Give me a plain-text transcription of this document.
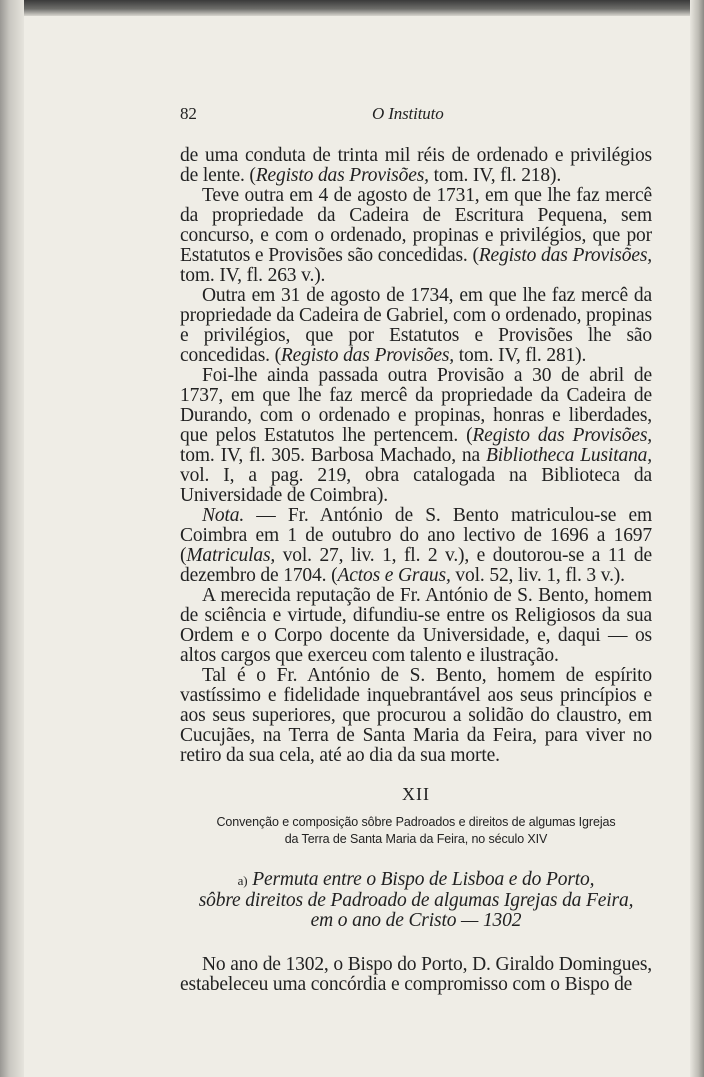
82	O Instituto

de uma conduta de trinta mil réis de ordenado e privilégios de lente. (Registo das Provisões, tom. IV, fl. 218).

Teve outra em 4 de agosto de 1731, em que lhe faz mercê da propriedade da Cadeira de Escritura Pequena, sem concurso, e com o ordenado, propinas e privilégios, que por Estatutos e Provisões são concedidas. (Registo das Provisões, tom. IV, fl. 263 v.).

Outra em 31 de agosto de 1734, em que lhe faz mercê da propriedade da Cadeira de Gabriel, com o ordenado, propinas e privilégios, que por Estatutos e Provisões lhe são concedidas. (Registo das Provisões, tom. IV, fl. 281).

Foi-lhe ainda passada outra Provisão a 30 de abril de 1737, em que lhe faz mercê da propriedade da Cadeira de Durando, com o ordenado e propinas, honras e liberdades, que pelos Estatutos lhe pertencem. (Registo das Provisões, tom. IV, fl. 305. Barbosa Machado, na Bibliotheca Lusitana, vol. I, a pag. 219, obra catalogada na Biblioteca da Universidade de Coimbra).

Nota. — Fr. António de S. Bento matriculou-se em Coimbra em 1 de outubro do ano lectivo de 1696 a 1697 (Matriculas, vol. 27, liv. 1, fl. 2 v.), e doutorou-se a 11 de dezembro de 1704. (Actos e Graus, vol. 52, liv. 1, fl. 3 v.).

A merecida reputação de Fr. António de S. Bento, homem de sciência e virtude, difundiu-se entre os Religiosos da sua Ordem e o Corpo docente da Universidade, e, daqui — os altos cargos que exerceu com talento e ilustração.

Tal é o Fr. António de S. Bento, homem de espírito vastíssimo e fidelidade inquebrantável aos seus princípios e aos seus superiores, que procurou a solidão do claustro, em Cucujães, na Terra de Santa Maria da Feira, para viver no retiro da sua cela, até ao dia da sua morte.

XII
Convenção e composição sôbre Padroados e direitos de algumas Igrejas
da Terra de Santa Maria da Feira, no século XIV
a) Permuta entre o Bispo de Lisboa e do Porto,
sôbre direitos de Padroado de algumas Igrejas da Feira,
em o ano de Cristo — 1302

No ano de 1302, o Bispo do Porto, D. Giraldo Domingues, estabeleceu uma concórdia e compromisso com o Bispo de
